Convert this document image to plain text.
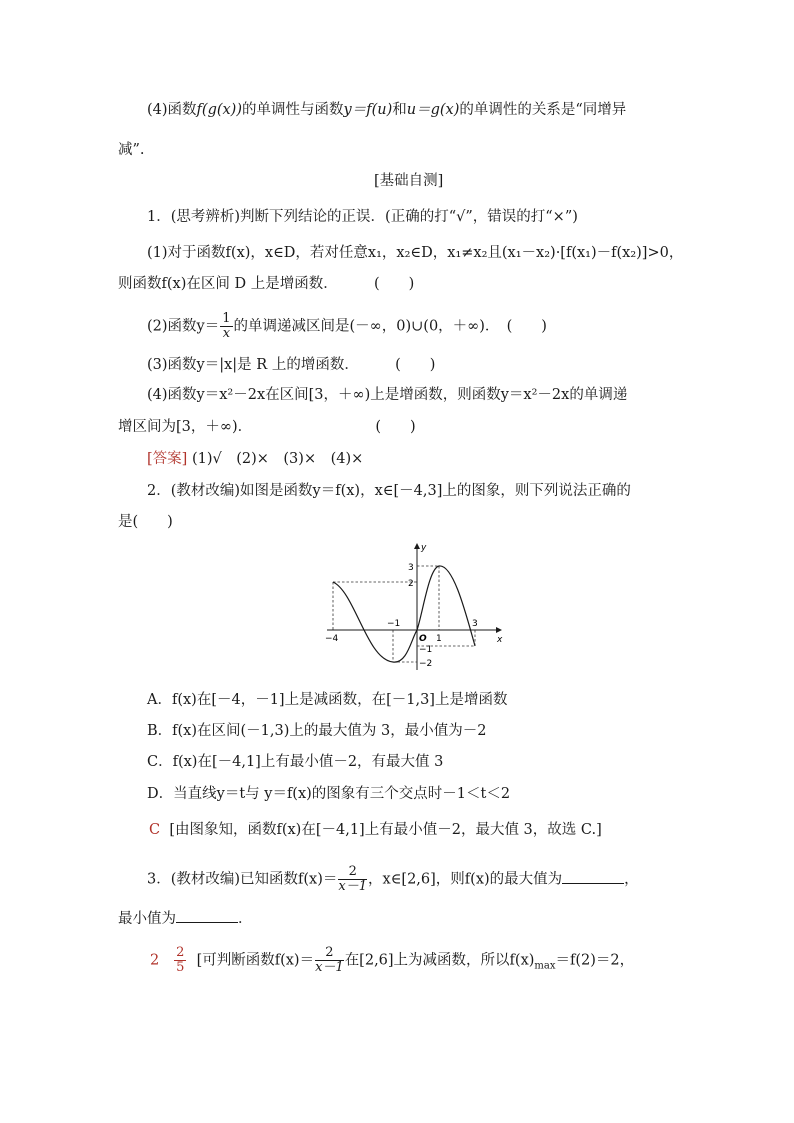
(4)函数f(g(x))的单调性与函数y＝f(u)和u＝g(x)的单调性的关系是“同增异
减”.
[基础自测]
1．(思考辨析)判断下列结论的正误．(正确的打“√”，错误的打“×”)
(1)对于函数f(x)，x∈D，若对任意x₁，x₂∈D，x₁≠x₂且(x₁－x₂)·[f(x₁)－f(x₂)]>0，
则函数f(x)在区间 D 上是增函数．　　　(　　)
(2)函数$y= \frac{1}{x}$ 的单调递减区间是(－∞，0)∪(0，＋∞)．　(　　)
(3)函数y＝|x|是 R 上的增函数．　　　(　　)
(4)函数y＝x²－2x在区间[3，＋∞)上是增函数，则函数y＝x²－2x的单调递
增区间为[3，＋∞)．　　　　　　　　　(　　)
[答案] (1)√　(2)×　(3)×　(4)×
2．(教材改编)如图是函数y＝f(x)，x∈[－4,3]上的图象，则下列说法正确的
是(　　)
y
x
O
−4
−1
1
3
3
2
−1
−2
A．f(x)在[－4，－1]上是减函数，在[－1,3]上是增函数
B．f(x)在区间(－1,3)上的最大值为 3，最小值为－2
C．f(x)在[－4,1]上有最小值－2，有最大值 3
D．当直线y＝t与 y＝f(x)的图象有三个交点时－1＜t＜2
C [由图象知，函数f(x)在[－4,1]上有最小值－2，最大值 3，故选 C.]
3．(教材改编)已知函数$f(x)= \frac{2}{x-1}$ ，x∈[2,6]，则f(x)的最大值为	，
最小值为	．
$2 \frac{2}{5}$ [可判断函数$f(x)= \frac{2}{x-1}$ 在[2,6]上为减函数，所以$f(x)_{max}=f(2)=2$，
